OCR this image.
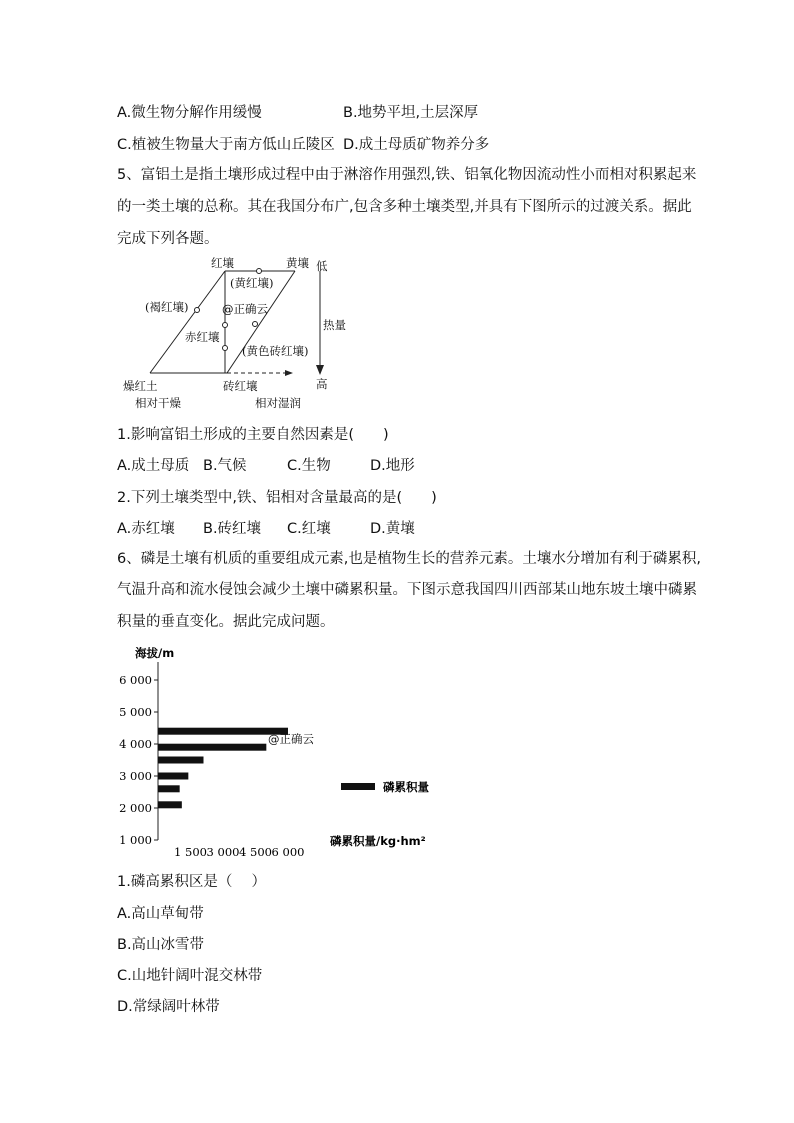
A.微生物分解作用缓慢	B.地势平坦,土层深厚
C.植被生物量大于南方低山丘陵区 D.成土母质矿物养分多
5、富铝土是指土壤形成过程中由于淋溶作用强烈,铁、铝氧化物因流动性小而相对积累起来
的一类土壤的总称。其在我国分布广,包含多种土壤类型,并具有下图所示的过渡关系。据此
完成下列各题。
红壤	黄壤
(黄红壤)
(褐红壤)	@正确云
赤红壤
(黄色砖红壤)
燥红土	砖红壤
相对干燥	相对湿润
低
热量
高
1.影响富铝土形成的主要自然因素是(　　)
A.成土母质 B.气候	C.生物	D.地形
2.下列土壤类型中,铁、铝相对含量最高的是(　　)
A.赤红壤 B.砖红壤 C.红壤	D.黄壤
6、磷是土壤有机质的重要组成元素,也是植物生长的营养元素。土壤水分增加有利于磷累积,
气温升高和流水侵蚀会减少土壤中磷累积量。下图示意我国四川西部某山地东坡土壤中磷累
积量的垂直变化。据此完成问题。
海拔/m
磷累积量/kg·hm²
6 000
5 000
4 000
3 000
2 000
1 000
1 500 3 000 4 500 6 000
@正确云
磷累积量
1.磷高累积区是（　 ）
A.高山草甸带
B.高山冰雪带
C.山地针阔叶混交林带
D.常绿阔叶林带
